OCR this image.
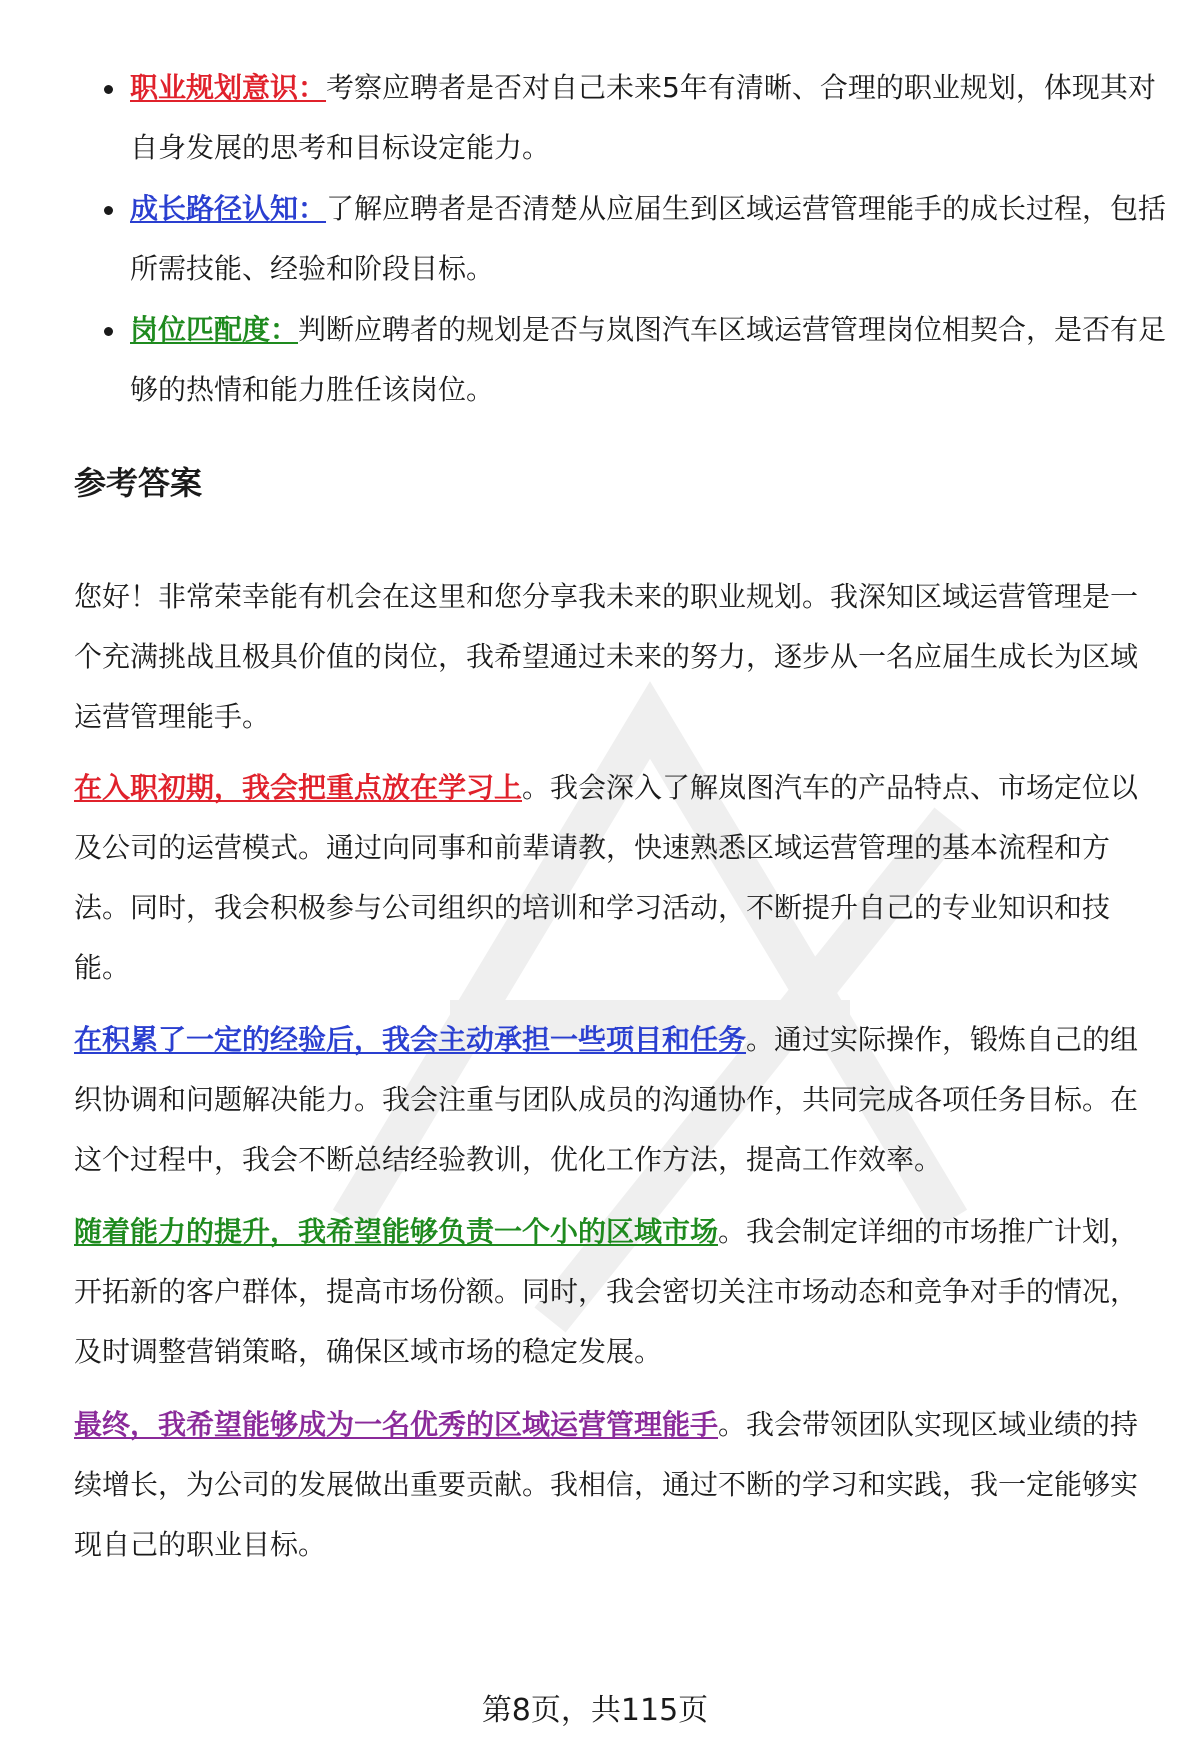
职业规划意识：考察应聘者是否对自己未来5年有清晰、合理的职业规划，体现其对自身发展的思考和目标设定能力。
成长路径认知：了解应聘者是否清楚从应届生到区域运营管理能手的成长过程，包括所需技能、经验和阶段目标。
岗位匹配度：判断应聘者的规划是否与岚图汽车区域运营管理岗位相契合，是否有足够的热情和能力胜任该岗位。
参考答案

您好！非常荣幸能有机会在这里和您分享我未来的职业规划。我深知区域运营管理是一个充满挑战且极具价值的岗位，我希望通过未来的努力，逐步从一名应届生成长为区域运营管理能手。

在入职初期，我会把重点放在学习上。我会深入了解岚图汽车的产品特点、市场定位以及公司的运营模式。通过向同事和前辈请教，快速熟悉区域运营管理的基本流程和方法。同时，我会积极参与公司组织的培训和学习活动，不断提升自己的专业知识和技能。

在积累了一定的经验后，我会主动承担一些项目和任务。通过实际操作，锻炼自己的组织协调和问题解决能力。我会注重与团队成员的沟通协作，共同完成各项任务目标。在这个过程中，我会不断总结经验教训，优化工作方法，提高工作效率。

随着能力的提升，我希望能够负责一个小的区域市场。我会制定详细的市场推广计划，开拓新的客户群体，提高市场份额。同时，我会密切关注市场动态和竞争对手的情况，及时调整营销策略，确保区域市场的稳定发展。

最终，我希望能够成为一名优秀的区域运营管理能手。我会带领团队实现区域业绩的持续增长，为公司的发展做出重要贡献。我相信，通过不断的学习和实践，我一定能够实现自己的职业目标。

第8页，共115页
